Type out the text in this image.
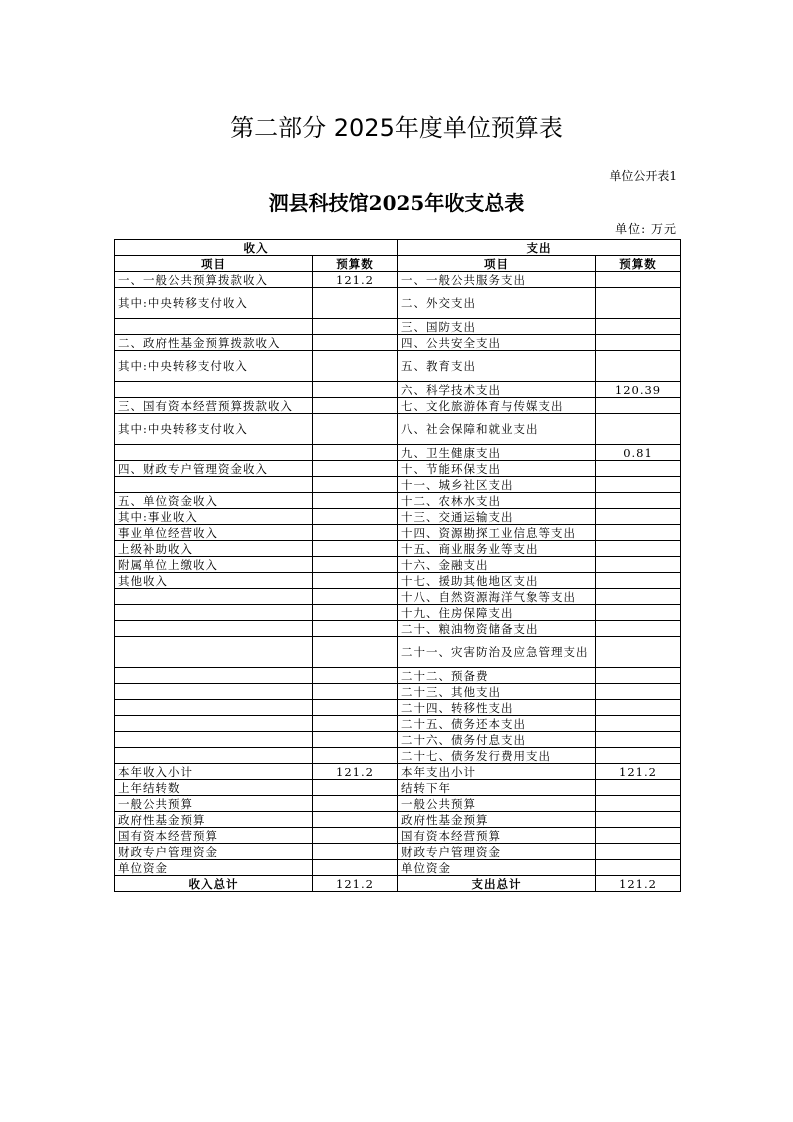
第二部分 2025年度单位预算表
单位公开表1
泗县科技馆2025年收支总表
单位: 万元
收入		支出	
项目	预算数	项目	预算数
一、一般公共预算拨款收入	121.2	一、一般公共服务支出	
其中:中央转移支付收入		二、外交支出	
		三、国防支出	
二、政府性基金预算拨款收入		四、公共安全支出	
其中:中央转移支付收入		五、教育支出	
		六、科学技术支出	120.39
三、国有资本经营预算拨款收入		七、文化旅游体育与传媒支出	
其中:中央转移支付收入		八、社会保障和就业支出	
		九、卫生健康支出	0.81
四、财政专户管理资金收入		十、节能环保支出	
		十一、城乡社区支出	
五、单位资金收入		十二、农林水支出	
其中:事业收入		十三、交通运输支出	
事业单位经营收入		十四、资源勘探工业信息等支出	
上级补助收入		十五、商业服务业等支出	
附属单位上缴收入		十六、金融支出	
其他收入		十七、援助其他地区支出	
		十八、自然资源海洋气象等支出	
		十九、住房保障支出	
		二十、粮油物资储备支出	
		二十一、灾害防治及应急管理支出	
		二十二、预备费	
		二十三、其他支出	
		二十四、转移性支出	
		二十五、债务还本支出	
		二十六、债务付息支出	
		二十七、债务发行费用支出	
本年收入小计	121.2	本年支出小计	121.2
上年结转数		结转下年	
一般公共预算		一般公共预算	
政府性基金预算		政府性基金预算	
国有资本经营预算		国有资本经营预算	
财政专户管理资金		财政专户管理资金	
单位资金		单位资金	
收入总计	121.2	支出总计	121.2
